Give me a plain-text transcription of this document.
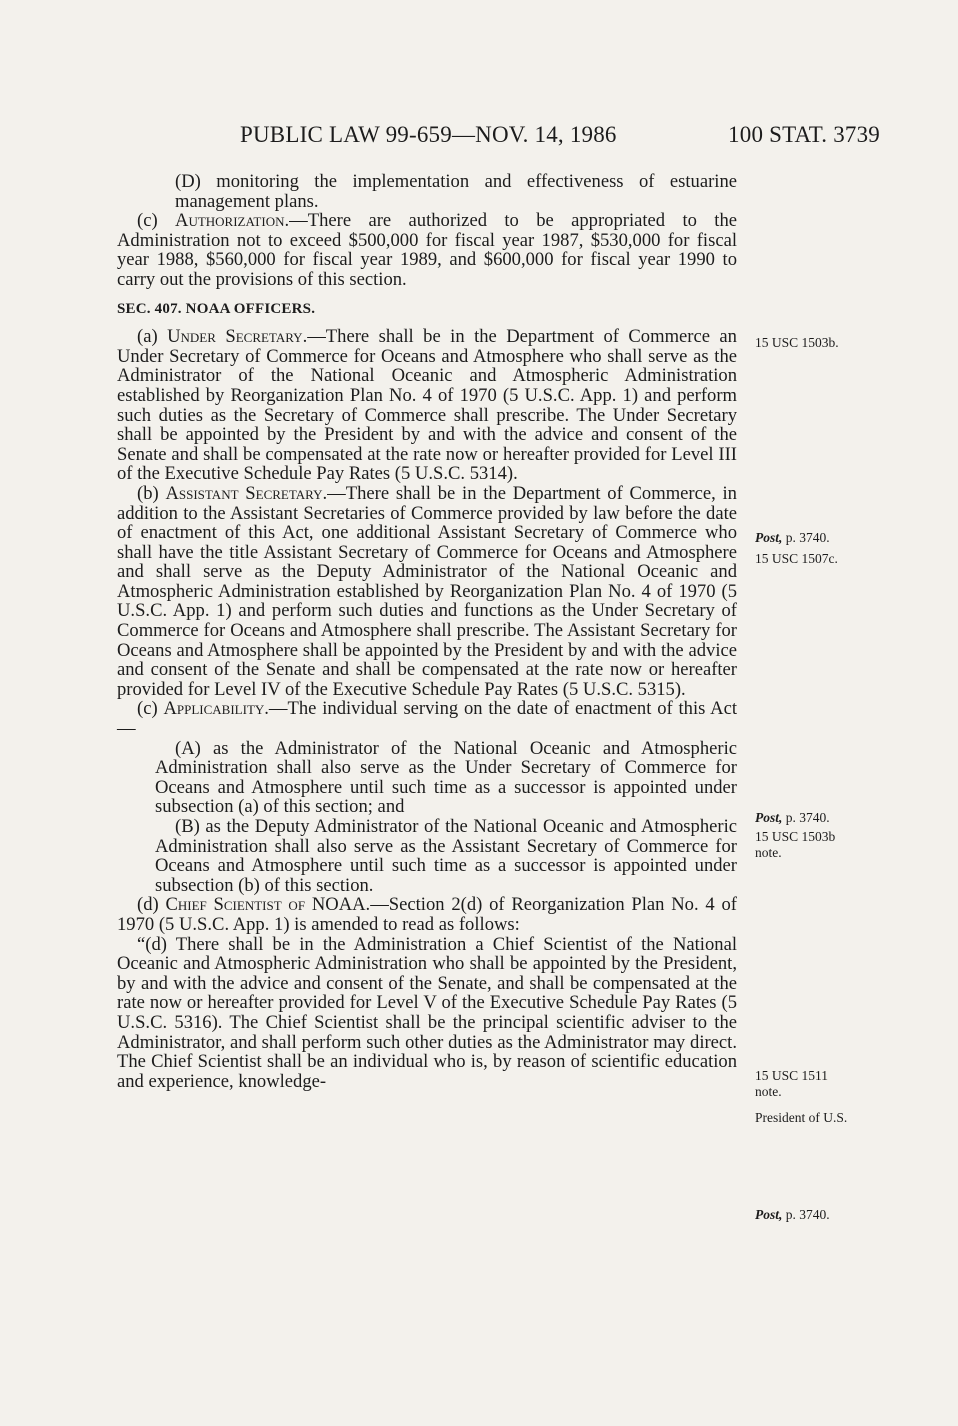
PUBLIC LAW 99-659—NOV. 14, 1986	100 STAT. 3739

(D) monitoring the implementation and effectiveness of estuarine management plans.

(c) Authorization.—There are authorized to be appropriated to the Administration not to exceed $500,000 for fiscal year 1987, $530,000 for fiscal year 1988, $560,000 for fiscal year 1989, and $600,000 for fiscal year 1990 to carry out the provisions of this section.

SEC. 407. NOAA OFFICERS.

(a) Under Secretary.—There shall be in the Department of Commerce an Under Secretary of Commerce for Oceans and Atmosphere who shall serve as the Administrator of the National Oceanic and Atmospheric Administration established by Reorganization Plan No. 4 of 1970 (5 U.S.C. App. 1) and perform such duties as the Secretary of Commerce shall prescribe. The Under Secretary shall be appointed by the President by and with the advice and consent of the Senate and shall be compensated at the rate now or hereafter provided for Level III of the Executive Schedule Pay Rates (5 U.S.C. 5314).

(b) Assistant Secretary.—There shall be in the Department of Commerce, in addition to the Assistant Secretaries of Commerce provided by law before the date of enactment of this Act, one additional Assistant Secretary of Commerce who shall have the title Assistant Secretary of Commerce for Oceans and Atmosphere and shall serve as the Deputy Administrator of the National Oceanic and Atmospheric Administration established by Reorganization Plan No. 4 of 1970 (5 U.S.C. App. 1) and perform such duties and functions as the Under Secretary of Commerce for Oceans and Atmosphere shall prescribe. The Assistant Secretary for Oceans and Atmosphere shall be appointed by the President by and with the advice and consent of the Senate and shall be compensated at the rate now or hereafter provided for Level IV of the Executive Schedule Pay Rates (5 U.S.C. 5315).

(c) Applicability.—The individual serving on the date of enactment of this Act—

(A) as the Administrator of the National Oceanic and Atmospheric Administration shall also serve as the Under Secretary of Commerce for Oceans and Atmosphere until such time as a successor is appointed under subsection (a) of this section; and

(B) as the Deputy Administrator of the National Oceanic and Atmospheric Administration shall also serve as the Assistant Secretary of Commerce for Oceans and Atmosphere until such time as a successor is appointed under subsection (b) of this section.

(d) Chief Scientist of NOAA.—Section 2(d) of Reorganization Plan No. 4 of 1970 (5 U.S.C. App. 1) is amended to read as follows:

“(d) There shall be in the Administration a Chief Scientist of the National Oceanic and Atmospheric Administration who shall be appointed by the President, by and with the advice and consent of the Senate, and shall be compensated at the rate now or hereafter provided for Level V of the Executive Schedule Pay Rates (5 U.S.C. 5316). The Chief Scientist shall be the principal scientific adviser to the Administrator, and shall perform such other duties as the Administrator may direct. The Chief Scientist shall be an individual who is, by reason of scientific education and experience, knowledge-

15 USC 1503b.
Post, p. 3740.
15 USC 1507c.
Post, p. 3740.
15 USC 1503b
note.
15 USC 1511
note.
President of U.S.
Post, p. 3740.
